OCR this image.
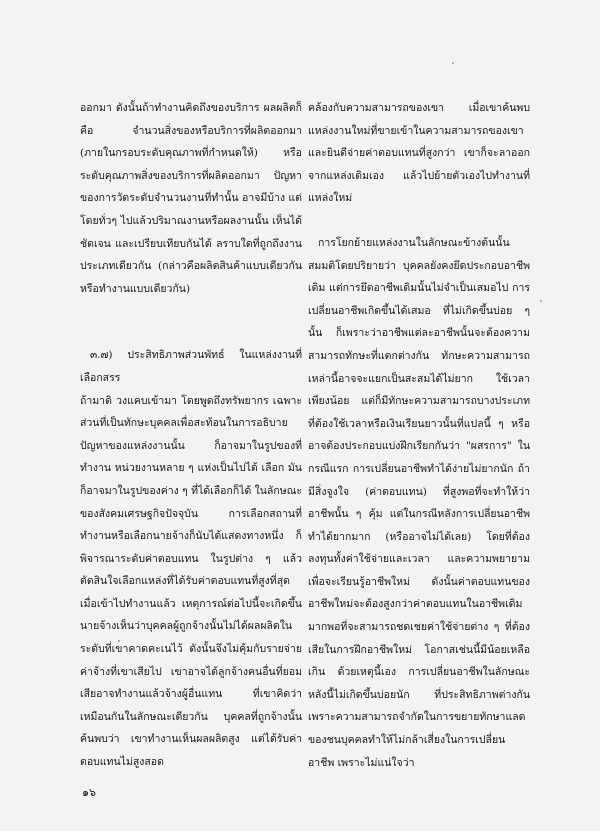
ออกมา ดังนั้นถ้าทำงานคิดถึงของบริการ ผลผลิตก็คือ จำนวนสิ่งของหรือบริการที่ผลิตออกมา (ภายในกรอบระดับคุณภาพที่กำหนดให้) หรือระดับคุณภาพสิ่งของบริการที่ผลิตออกมา ปัญหาของการวัดระดับจำนวนงานที่ทำนั้น อาจมีบ้าง แต่โดยทั่วๆ ไปแล้วปริมาณงานหรือผลงานนั้น เห็นได้ชัดเจน และเปรียบเทียบกันได้ ลราบใดที่ถูกถึงงานประเภทเดียวกัน (กล่าวคือผลิตสินค้าแบบเดียวกัน หรือทำงานแบบเดียวกัน)

๓.๗) ประสิทธิภาพส่วนพัทธ์ ในแหล่งงานที่เลือกสรร

ถ้ามาดิ วงแคบเข้ามา โดยพูดถึงทรัพยากร เฉพาะส่วนที่เป็นทักษะบุคคลเพื่อสะท้อนในการอธิบาย ปัญหาของแหล่งงานนั้น ก็อาจมาในรูปของที่ทำงาน หน่วยงานหลาย ๆ แห่งเป็นไปได้ เลือก มันก็อาจมาในรูปของค่าง ๆ ที่ได้เลือกก็ได้ ในลักษณะของสังคมเศรษฐกิจปัจจุบัน การเลือกสถานที่ทำงานหรือเลือกนายจ้างก็นับได้แสดงทางหนึ่ง ก็พิจารณาระดับค่าตอบแทน ในรูปต่าง ๆ แล้วตัดสินใจเลือกแหล่งที่ได้รับค่าตอบแทนที่สูงที่สุด เมื่อเข้าไปทำงานแล้ว เหตุการณ์ต่อไปนี้จะเกิดขึ้น นายจ้างเห็นว่าบุคคลผู้ถูกจ้างนั้นไม่ได้ผลผลิตในระดับที่เขาคาดคะเนไว้ ดังนั้นจึงไม่คุ้มกับรายจ่ายค่าจ้างที่เขาเสียไป เขาอาจได้ลูกจ้างคนอื่นที่ยอมเสียอาจทำงานแล้วจ้างผู้อื่นแทน ที่เขาคิดว่าเหมือนกันในลักษณะเดียวกัน บุคคลที่ถูกจ้างนั้น ค้นพบว่า เขาทำงานเห็นผลผลิตสูง แต่ได้รับค่าตอบแทนไม่สูงสอด

คล้องกับความสามารถของเขา เมื่อเขาค้นพบแหล่งงานใหม่ที่ขายเข้าในความสามารถของเขา และยินดีจ่ายค่าตอบแทนที่สูงกว่า เขาก็จะลาออกจากแหล่งเดิมเอง แล้วไปย้ายตัวเองไปทำงานที่แหล่งใหม่

การโยกย้ายแหล่งงานในลักษณะข้างต้นนั้น สมมติโดยปริยายว่า บุคคลยังคงยึดประกอบอาชีพเดิม แต่การยึดอาชีพเดิมนั้นไม่จำเป็นเสมอไป การเปลี่ยนอาชีพเกิดขึ้นได้เสมอ ที่ไม่เกิดขึ้นบ่อย ๆ นั้น ก็เพราะว่าอาชีพแต่ละอาชีพนั้นจะต้องความสามารถทักษะที่แตกต่างกัน ทักษะความสามารถเหล่านี้อาจจะแยกเป็นสะสมได้ไม่ยาก ใช้เวลาเพียงน้อย แต่ก็มีทักษะความสามารถบางประเภท ที่ต้องใช้เวลาหรือเงินเรียนยาวนั้นที่แปลนี้ ๆ หรืออาจต้องประกอบแบ่งฝึกเรียกกันว่า "ผสรการ" ในกรณีแรก การเปลี่ยนอาชีพทำได้ง่ายไม่ยากนัก ถ้ามีสิ่งจูงใจ (ค่าตอบแทน) ที่สูงพอที่จะทำให้ว่าอาชีพนั้น ๆ คุ้ม แต่ในกรณีหลังการเปลี่ยนอาชีพทำได้ยากมาก (หรืออาจไม่ได้เลย) โดยที่ต้องลงทุนทั้งค่าใช้จ่ายและเวลา และความพยายามเพื่อจะเรียนรู้อาชีพใหม่ ดังนั้นค่าตอบแทนของอาชีพใหม่จะต้องสูงกว่าค่าตอบแทนในอาชีพเดิมมากพอที่จะสามารถชดเชยค่าใช้จ่ายต่าง ๆ ที่ต้องเสียในการฝึกอาชีพใหม่ โอกาสเช่นนี้มีน้อยเหลือเกิน ด้วยเหตุนี้เอง การเปลี่ยนอาชีพในลักษณะหลังนี้ไม่เกิดขึ้นบ่อยนัก ที่ประสิทธิภาพต่างกันเพราะความสามารถจำกัดในการขยายทักษาแลดของชนบุคคลทำให้ไม่กล้าเสี่ยงในการเปลี่ยนอาชีพ เพราะไม่แน่ใจว่า

๑๖
